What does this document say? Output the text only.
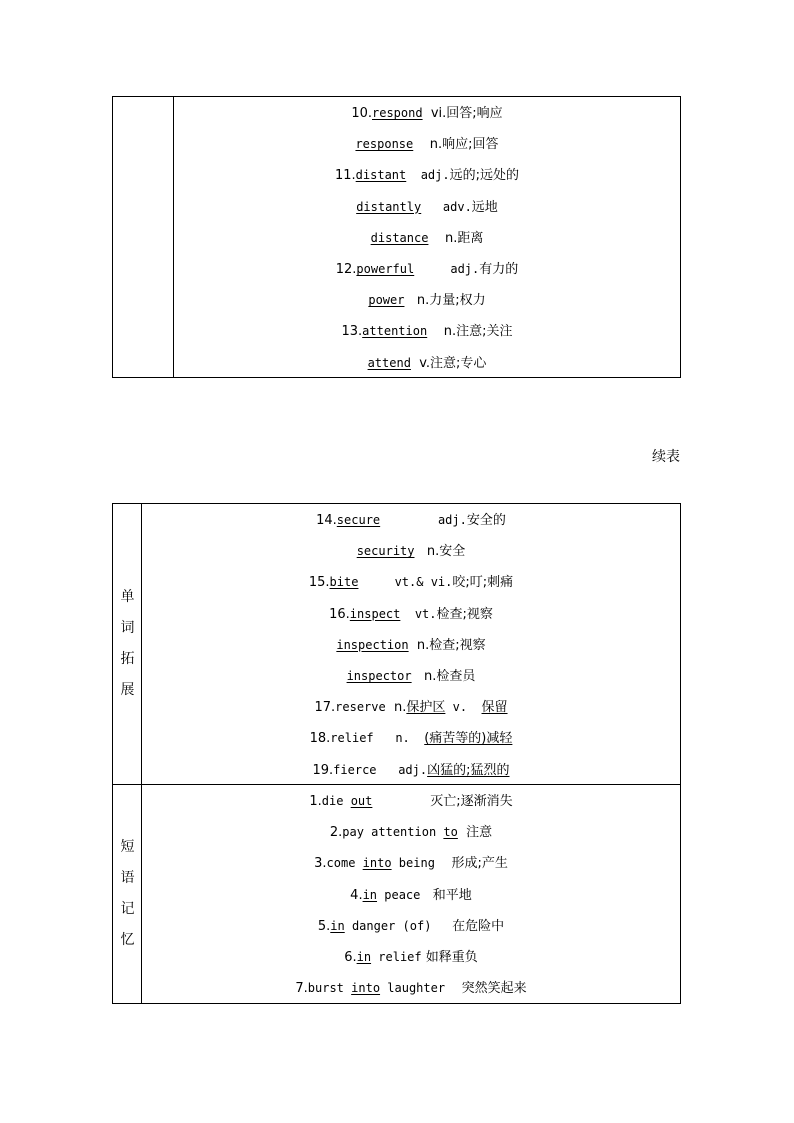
10.respond  vi.回答;响应
response    n.响应;回答
11.distant  adj.远的;远处的
distantly   adv.远地
distance    n.距离
12.powerful     adj.有力的
power   n.力量;权力
13.attention    n.注意;关注
attend  v.注意;专心
续表
单
词
拓
展
短
语
记
忆
14.secure        adj.安全的
security   n.安全
15.bite     vt.& vi.咬;叮;刺痛
16.inspect  vt.检查;视察
inspection  n.检查;视察
inspector   n.检查员
17.reserve  n.保护区 v.  保留
18.relief   n.  (痛苦等的)减轻
19.fierce   adj.凶猛的;猛烈的
1.die out	灭亡;逐渐消失
2.pay attention to 注意
3.come into being 形成;产生
4.in peace 和平地
5.in danger (of) 在危险中
6.in relief 如释重负
7.burst into laughter 突然笑起来
